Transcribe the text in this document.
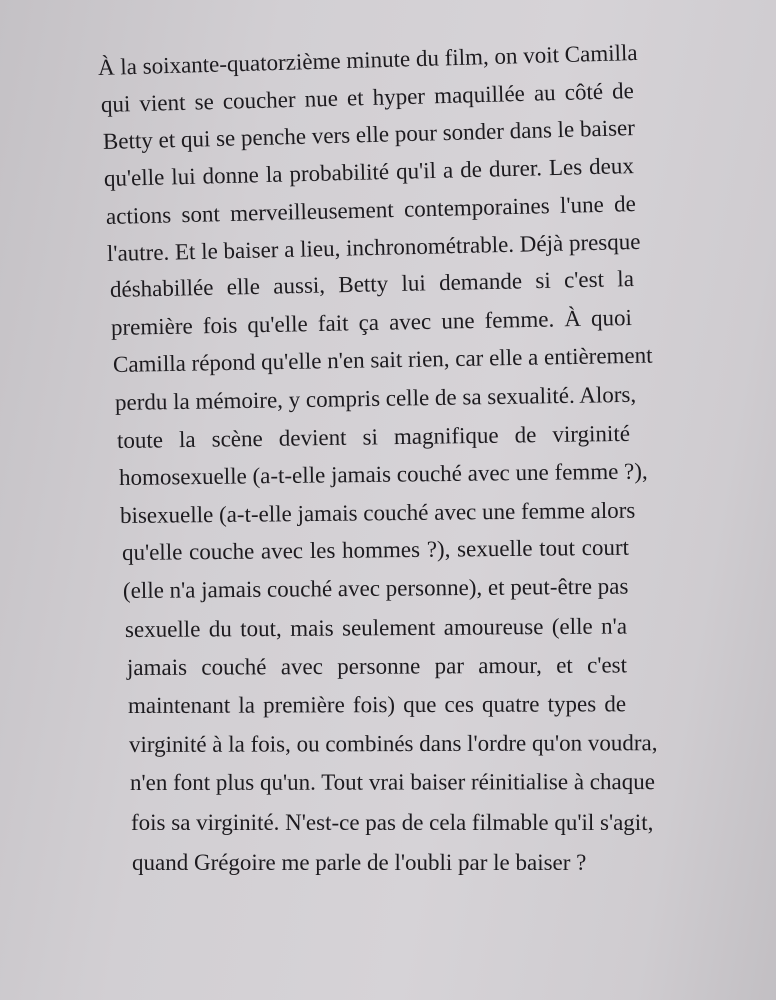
À la soixante-quatorzième minute du film, on voit Camilla
qui vient se coucher nue et hyper maquillée au côté de
Betty et qui se penche vers elle pour sonder dans le baiser
qu'elle lui donne la probabilité qu'il a de durer. Les deux
actions sont merveilleusement contemporaines l'une de
l'autre. Et le baiser a lieu, inchronométrable. Déjà presque
déshabillée elle aussi, Betty lui demande si c'est la
première fois qu'elle fait ça avec une femme. À quoi
Camilla répond qu'elle n'en sait rien, car elle a entièrement
perdu la mémoire, y compris celle de sa sexualité. Alors,
toute la scène devient si magnifique de virginité
homosexuelle (a-t-elle jamais couché avec une femme ?),
bisexuelle (a-t-elle jamais couché avec une femme alors
qu'elle couche avec les hommes ?), sexuelle tout court
(elle n'a jamais couché avec personne), et peut-être pas
sexuelle du tout, mais seulement amoureuse (elle n'a
jamais couché avec personne par amour, et c'est
maintenant la première fois) que ces quatre types de
virginité à la fois, ou combinés dans l'ordre qu'on voudra,
n'en font plus qu'un. Tout vrai baiser réinitialise à chaque
fois sa virginité. N'est-ce pas de cela filmable qu'il s'agit,
quand Grégoire me parle de l'oubli par le baiser ?
